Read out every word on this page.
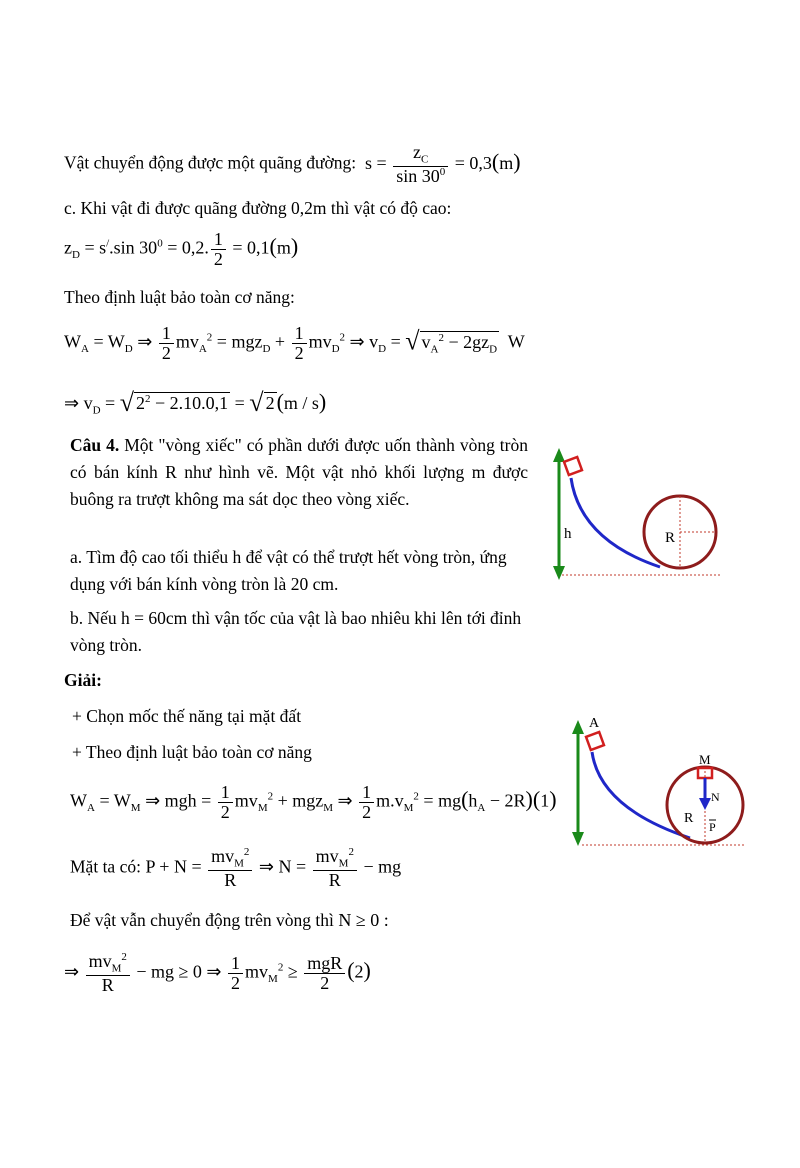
Vật chuyển động được một quãng đường:  $s = \frac{z_C}{\sin 30^0} = 0,3(m)$
c. Khi vật đi được quãng đường 0,2m thì vật có độ cao:
$z_D = s^/.\sin$ $30^0 = 0,2$. $\frac{1}{2} = 0,1(m)$
Theo định luật bảo toàn cơ năng:
$W_A = W_D$ ⇒ $\frac{1}{2} mv_A^2 = mgz_D + \frac{1}{2} mv_D^2$ ⇒ $v_D$ = √ $v_A^2 - 2gz_D$ W
⇒ $v_D$ = √ $2^2 - 2.10.0,1$ = √ 2(m / s)
Câu 4. Một "vòng xiếc" có phần dưới được uốn thành vòng tròn có bán kính R như hình vẽ. Một vật nhỏ khối lượng m được buông ra trượt không ma sát dọc theo vòng xiếc.
a. Tìm độ cao tối thiểu h để vật có thể trượt hết vòng tròn, ứng dụng với bán kính vòng tròn là 20 cm.
b. Nếu h = 60cm thì vận tốc của vật là bao nhiêu khi lên tới đỉnh vòng tròn.
h	R
Giải:
+ Chọn mốc thế năng tại mặt đất
+ Theo định luật bảo toàn cơ năng
$W_A = W_M$ ⇒ mgh = $\frac{1}{2} mv_M^2 + mgz_M$ ⇒ $\frac{1}{2} m.v_M^2 = mg(h_A - 2R)(1)$
Mặt ta có: $P + N = \frac{mv_M^2}{R}$ ⇒ $N = \frac{mv_M^2}{R}$ − mg
Để vật vẫn chuyển động trên vòng thì N ≥ 0 :
⇒ $\frac{mv_M^2}{R}$ − mg ≥ 0 ⇒ $\frac{1}{2} mv_M^2 \ge \frac{\text{mgR}}{2} (2)$
A
M
N
P
R
